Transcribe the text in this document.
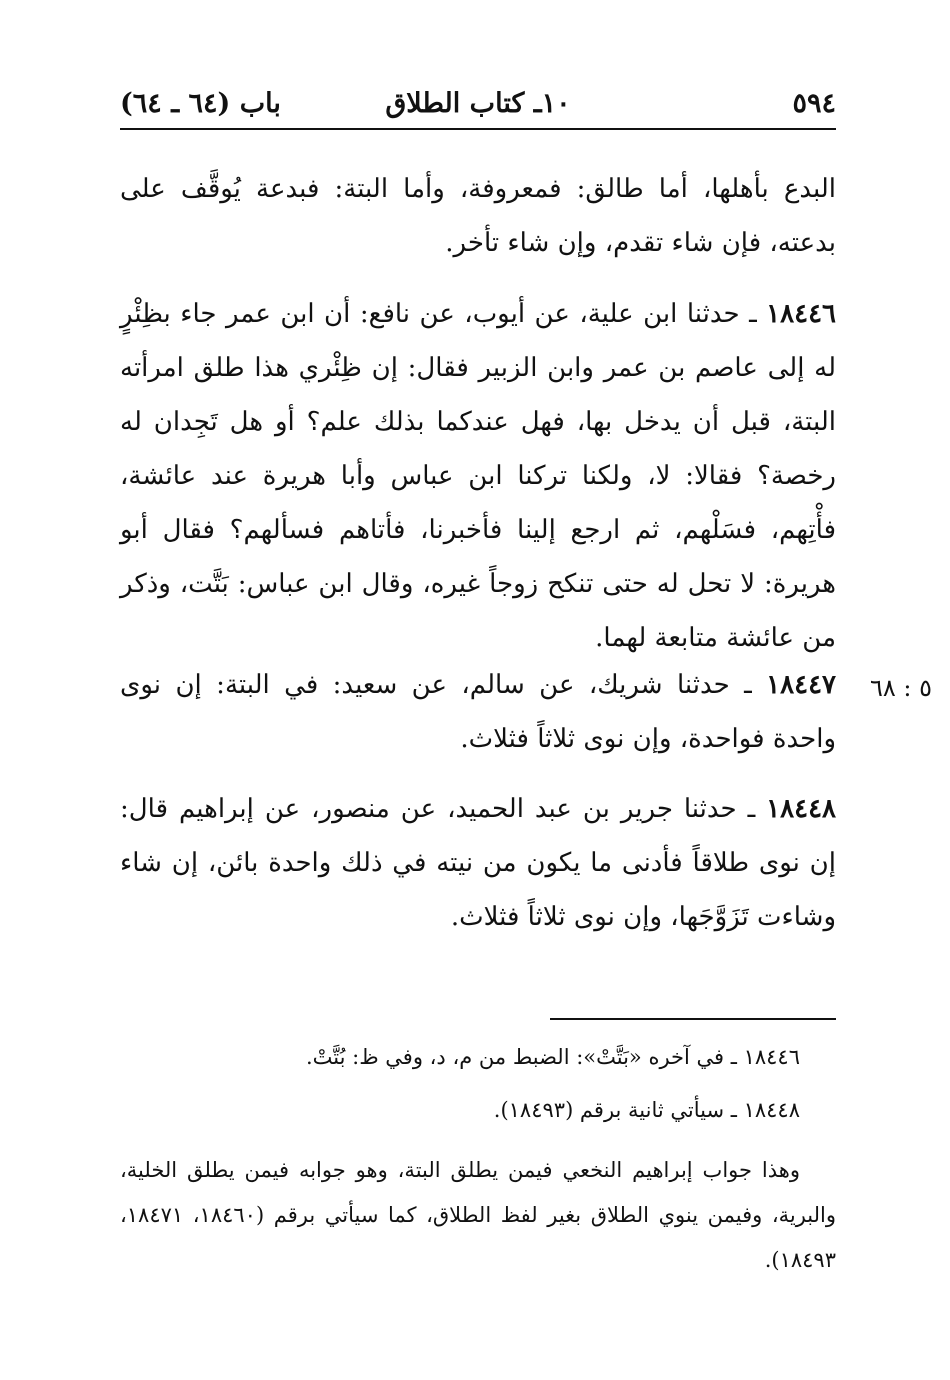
٥٩٤
١٠ـ كتاب الطلاق
باب (٦٤ ـ ٦٤)
البدع بأهلها، أما طالق: فمعروفة، وأما البتة: فبدعة يُوقَّف على بدعته، فإن شاء تقدم، وإن شاء تأخر.
١٨٤٤٦ ـ حدثنا ابن علية، عن أيوب، عن نافع: أن ابن عمر جاء بظِئْرٍ له إلى عاصم بن عمر وابن الزبير فقال: إن ظِئْري هذا طلق امرأته البتة، قبل أن يدخل بها، فهل عندكما بذلك علم؟ أو هل تَجِدان له رخصة؟ فقالا: لا، ولكنا تركنا ابن عباس وأبا هريرة عند عائشة، فأْتِهم، فسَلْهم، ثم ارجع إلينا فأخبرنا، فأتاهم فسألهم؟ فقال أبو هريرة: لا تحل له حتى تنكح زوجاً غيره، وقال ابن عباس: بَتَّت، وذكر من عائشة متابعة لهما.
٥ : ٦٨
١٨٤٤٧ ـ حدثنا شريك، عن سالم، عن سعيد: في البتة: إن نوى واحدة فواحدة، وإن نوى ثلاثاً فثلاث.
١٨٤٤٨ ـ حدثنا جرير بن عبد الحميد، عن منصور، عن إبراهيم قال: إن نوى طلاقاً فأدنى ما يكون من نيته في ذلك واحدة بائن، إن شاء وشاءت تَزَوَّجَها، وإن نوى ثلاثاً فثلاث.
١٨٤٤٦ ـ في آخره «بَتَّتْ»: الضبط من م، د، وفي ظ: بُتَّتْ.
١٨٤٤٨ ـ سيأتي ثانية برقم (١٨٤٩٣).
وهذا جواب إبراهيم النخعي فيمن يطلق البتة، وهو جوابه فيمن يطلق الخلية، والبرية، وفيمن ينوي الطلاق بغير لفظ الطلاق، كما سيأتي برقم (١٨٤٦٠، ١٨٤٧١، ١٨٤٩٣).
